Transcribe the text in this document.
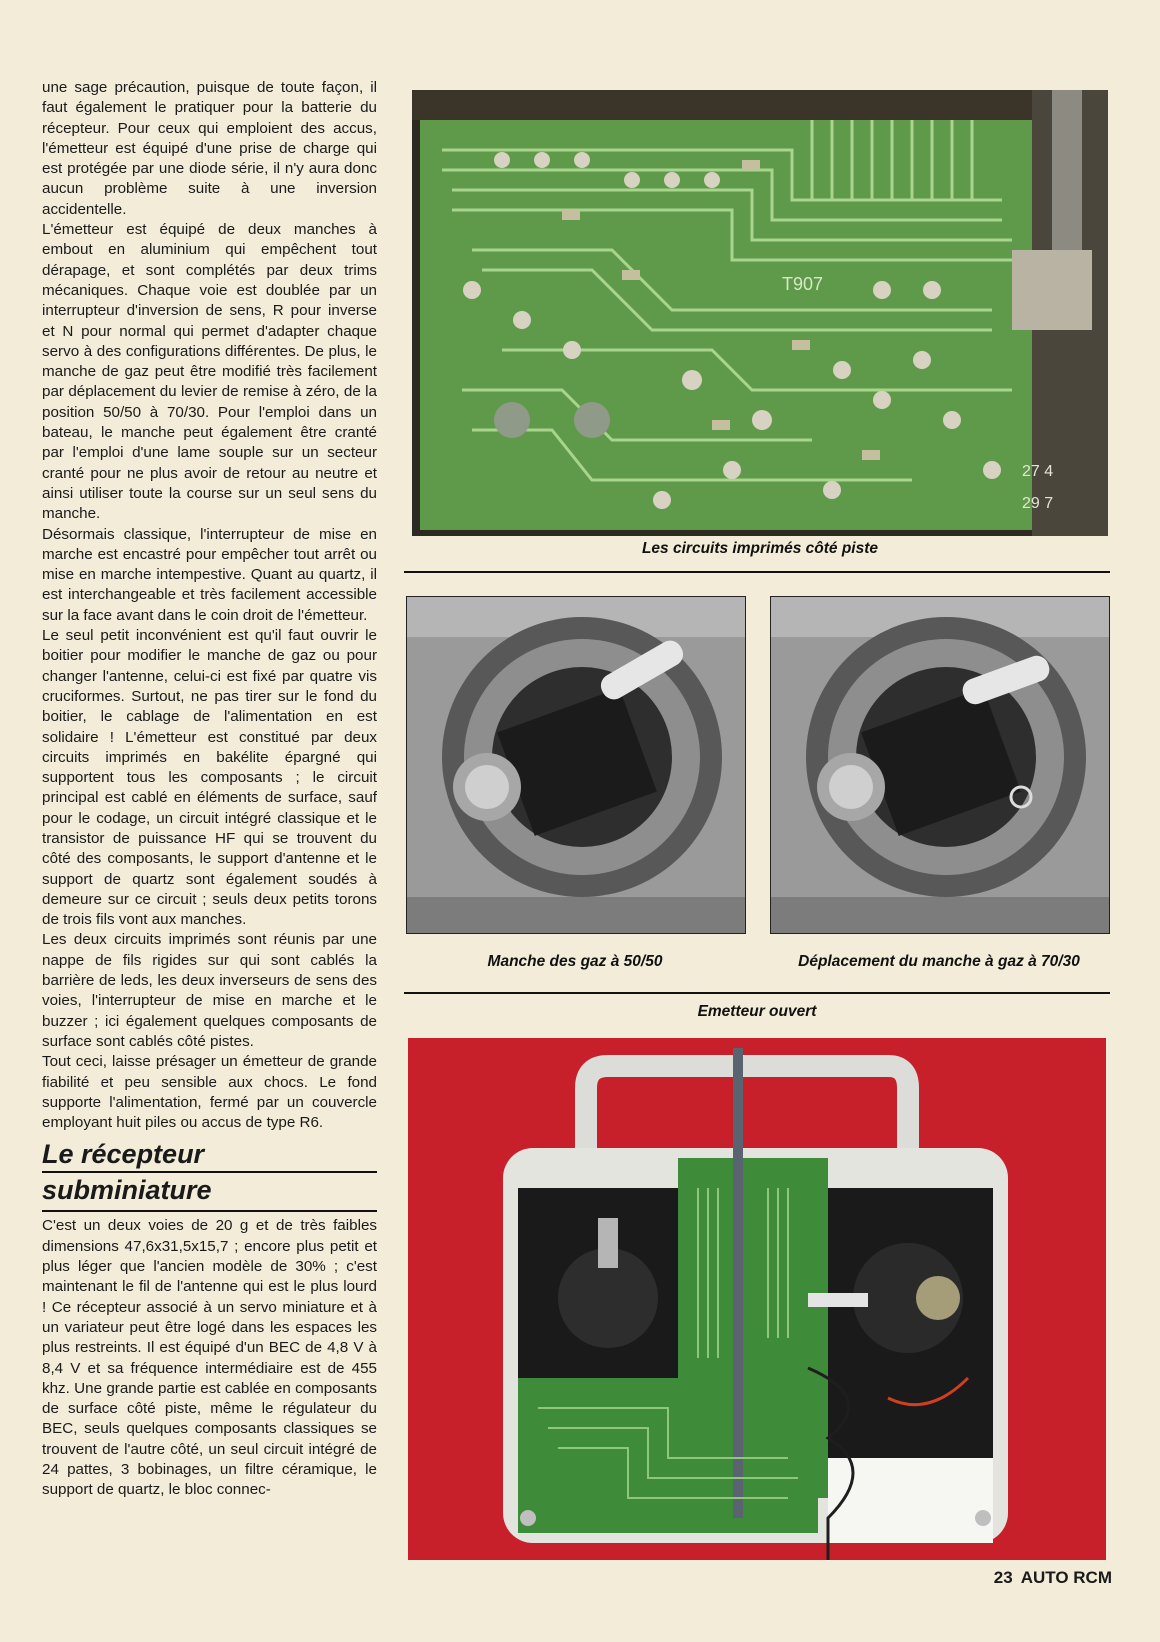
une sage précaution, puisque de toute façon, il faut également le pratiquer pour la batterie du récepteur. Pour ceux qui emploient des accus, l'émetteur est équipé d'une prise de charge qui est protégée par une diode série, il n'y aura donc aucun problème suite à une inversion accidentelle.

L'émetteur est équipé de deux manches à embout en aluminium qui empêchent tout dérapage, et sont complétés par deux trims mécaniques. Chaque voie est doublée par un interrupteur d'inversion de sens, R pour inverse et N pour normal qui permet d'adapter chaque servo à des configurations différentes. De plus, le manche de gaz peut être modifié très facilement par déplacement du levier de remise à zéro, de la position 50/50 à 70/30. Pour l'emploi dans un bateau, le manche peut également être cranté par l'emploi d'une lame souple sur un secteur cranté pour ne plus avoir de retour au neutre et ainsi utiliser toute la course sur un seul sens du manche.

Désormais classique, l'interrupteur de mise en marche est encastré pour empêcher tout arrêt ou mise en marche intempestive. Quant au quartz, il est interchangeable et très facilement accessible sur la face avant dans le coin droit de l'émetteur.

Le seul petit inconvénient est qu'il faut ouvrir le boitier pour modifier le manche de gaz ou pour changer l'antenne, celui-ci est fixé par quatre vis cruciformes. Surtout, ne pas tirer sur le fond du boitier, le cablage de l'alimentation en est solidaire ! L'émetteur est constitué par deux circuits imprimés en bakélite épargné qui supportent tous les composants ; le circuit principal est cablé en éléments de surface, sauf pour le codage, un circuit intégré classique et le transistor de puissance HF qui se trouvent du côté des composants, le support d'antenne et le support de quartz sont également soudés à demeure sur ce circuit ; seuls deux petits torons de trois fils vont aux manches.

Les deux circuits imprimés sont réunis par une nappe de fils rigides sur qui sont cablés la barrière de leds, les deux inverseurs de sens des voies, l'interrupteur de mise en marche et le buzzer ; ici également quelques composants de surface sont cablés côté pistes.

Tout ceci, laisse présager un émetteur de grande fiabilité et peu sensible aux chocs. Le fond supporte l'alimentation, fermé par un couvercle employant huit piles ou accus de type R6.

Le récepteur
subminiature

C'est un deux voies de 20 g et de très faibles dimensions 47,6x31,5x15,7 ; encore plus petit et plus léger que l'ancien modèle de 30% ; c'est maintenant le fil de l'antenne qui est le plus lourd ! Ce récepteur associé à un servo miniature et à un variateur peut être logé dans les espaces les plus restreints. Il est équipé d'un BEC de 4,8 V à 8,4 V et sa fréquence intermédiaire est de 455 khz. Une grande partie est cablée en composants de surface côté piste, même le régulateur du BEC, seuls quelques composants classiques se trouvent de l'autre côté, un seul circuit intégré de 24 pattes, 3 bobinages, un filtre céramique, le support de quartz, le bloc connec-

T907
27 4
29 7
Les circuits imprimés côté piste
Manche des gaz à 50/50	Déplacement du manche à gaz à 70/30
Emetteur ouvert
23 AUTO RCM
